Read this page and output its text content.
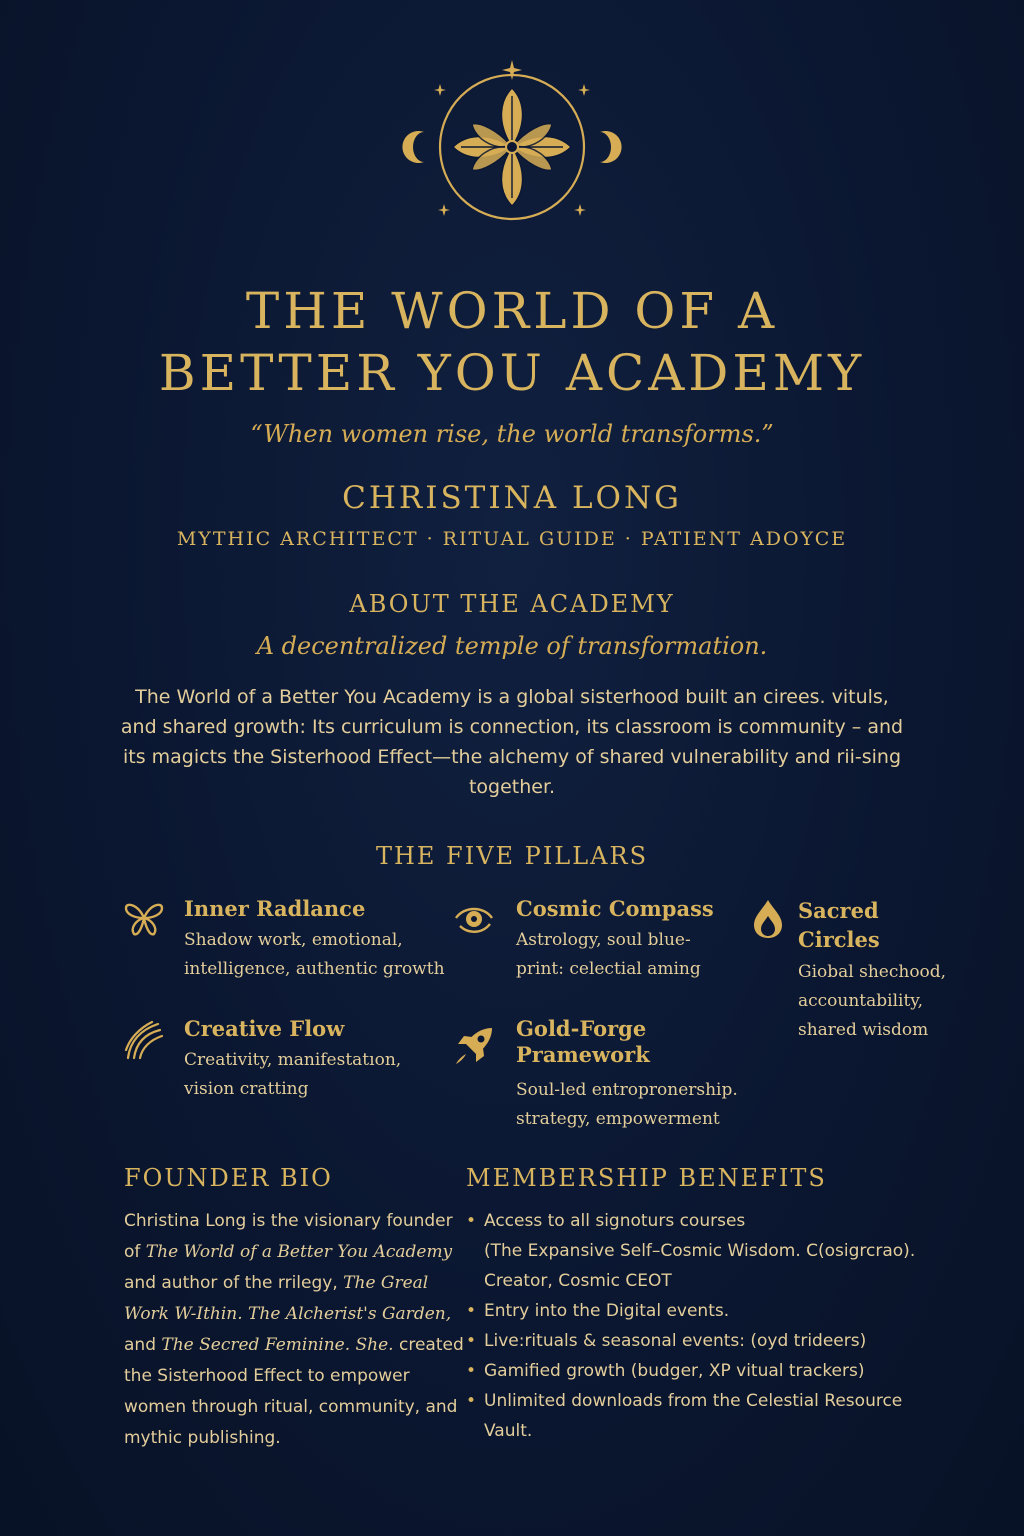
THE WORLD OF A
BETTER YOU ACADEMY
“When women rise, the world transforms.”
CHRISTINA LONG
MYTHIC ARCHITECT · RITUAL GUIDE · PATIENT ADOYCE
ABOUT THE ACADEMY
A decentralized temple of transformation.
The World of a Better You Academy is a global sisterhood built an cirees. vituls, and shared growth: Its curriculum is connection, its classroom is community – and its magicts the Sisterhood Effect—the alchemy of shared vulnerability and rii-sing together.
THE FIVE PILLARS
Inner Radlance
Shadow work, emotional, intelligence, authentic growth
Cosmic Compass
Astrology, soul blue-print: celectial aming
Sacred Circles
Giobal shechood, accountability, shared wisdom
Creative Flow
Creativity, manifestatıon, vision cratting
Gold-Forge Pramework
Soul-led entropronership. strategy, empowerment
FOUNDER BIO
Christina Long is the visionary founder of The World of a Better You Academy and author of the rrilegy, The Greal Work W-Ithin. The Alcherist's Garden, and The Secred Feminine. She. created the Sisterhood Effect to empower women through ritual, community, and mythic publishing.
MEMBERSHIP BENEFITS
• Access to all signoturs courses
(The Expansive Self–Cosmic Wisdom. C(osigrcrao). Creator, Cosmic CEOT
• Entry into the Digital events.
• Live:rituals & seasonal events: (oyd trideers)
• Gamified growth (budger, XP vitual trackers)
• Unlimited downloads from the Celestial Resource Vault.
